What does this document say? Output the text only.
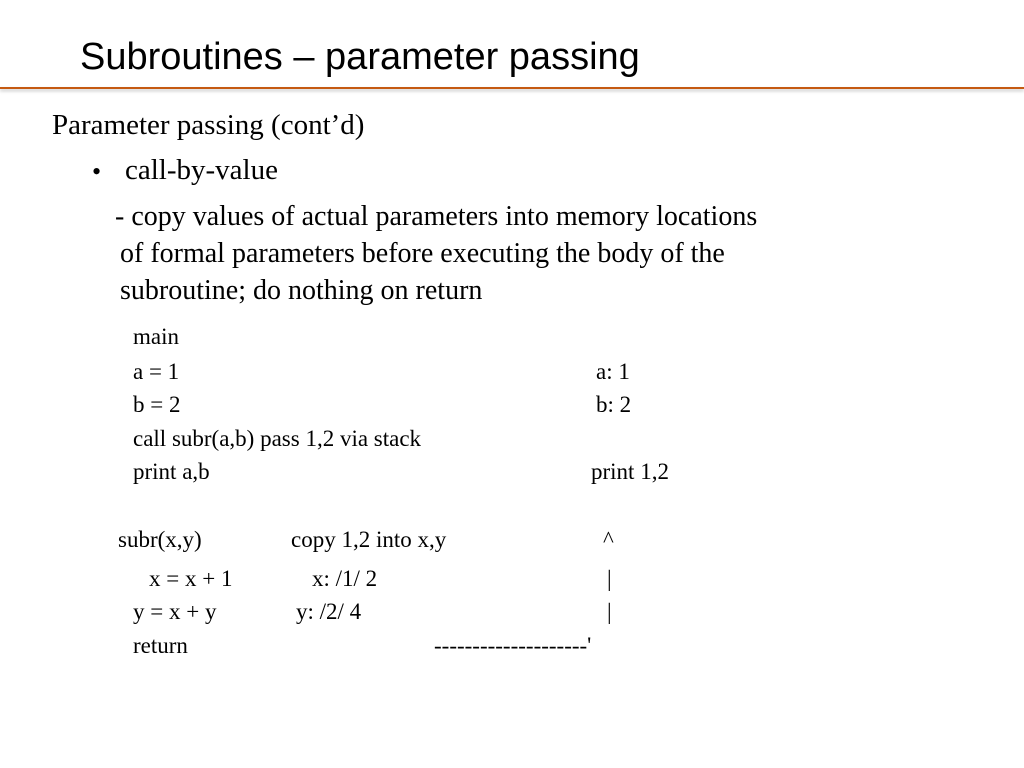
Subroutines – parameter passing
Parameter passing (cont’d)
• call-by-value
- copy values of actual parameters into memory locations
of formal parameters before executing the body of the
subroutine; do nothing on return
main
a = 1	a: 1
b = 2	b: 2
call subr(a,b) pass 1,2 via stack
print a,b	print 1,2
subr(x,y)	copy 1,2 into x,y	^
x = x + 1	x: /1/ 2	|
y = x + y	y: /2/ 4	|
return	--------------------'
